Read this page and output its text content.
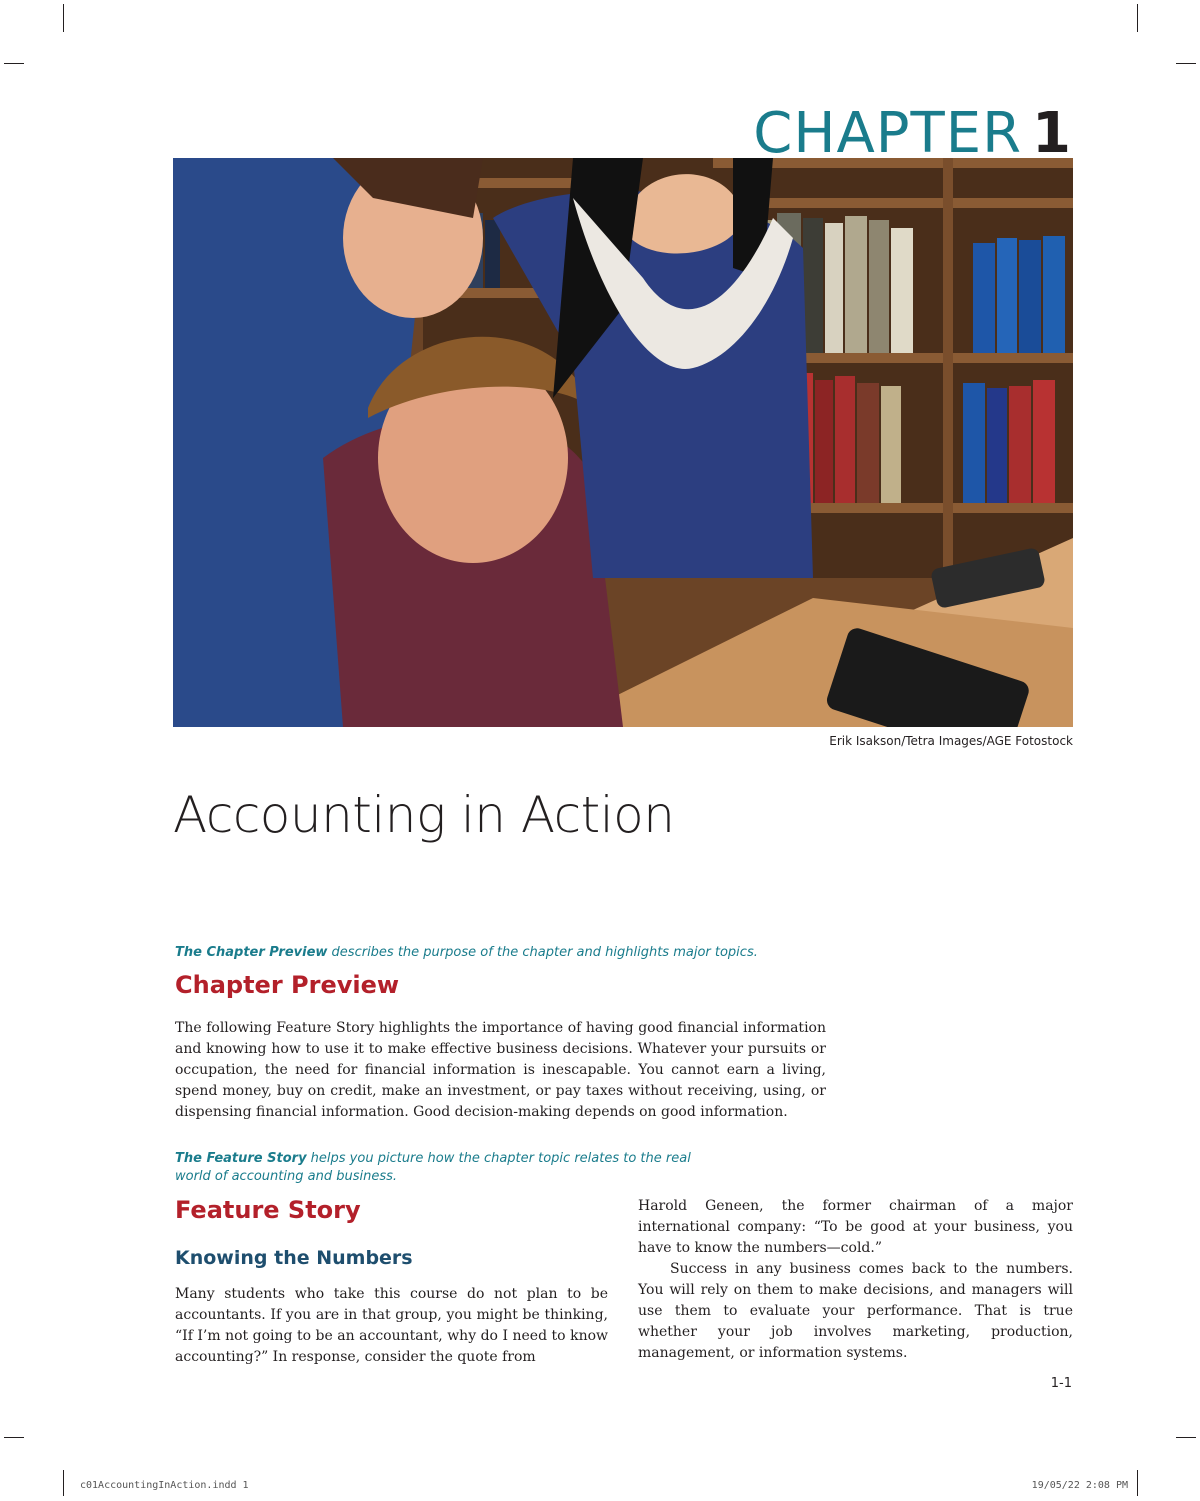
CHAPTER 1
Erik Isakson/Tetra Images/AGE Fotostock
Accounting in Action
The Chapter Preview describes the purpose of the chapter and highlights major topics.
Chapter Preview

The following Feature Story highlights the importance of having good financial information and knowing how to use it to make effective business decisions. Whatever your pursuits or occupation, the need for financial information is inescapable. You cannot earn a living, spend money, buy on credit, make an investment, or pay taxes without receiving, using, or dispensing financial information. Good decision-making depends on good information.

The Feature Story helps you picture how the chapter topic relates to the real world of accounting and business.
Feature Story
Knowing the Numbers

Many students who take this course do not plan to be accountants. If you are in that group, you might be thinking, “If I’m not going to be an accountant, why do I need to know accounting?” In response, consider the quote from

Harold Geneen, the former chairman of a major international company: “To be good at your business, you have to know the numbers—cold.”

Success in any business comes back to the numbers. You will rely on them to make decisions, and managers will use them to evaluate your performance. That is true whether your job involves marketing, production, management, or information systems.

1-1
c01AccountingInAction.indd 1	19/05/22 2:08 PM
